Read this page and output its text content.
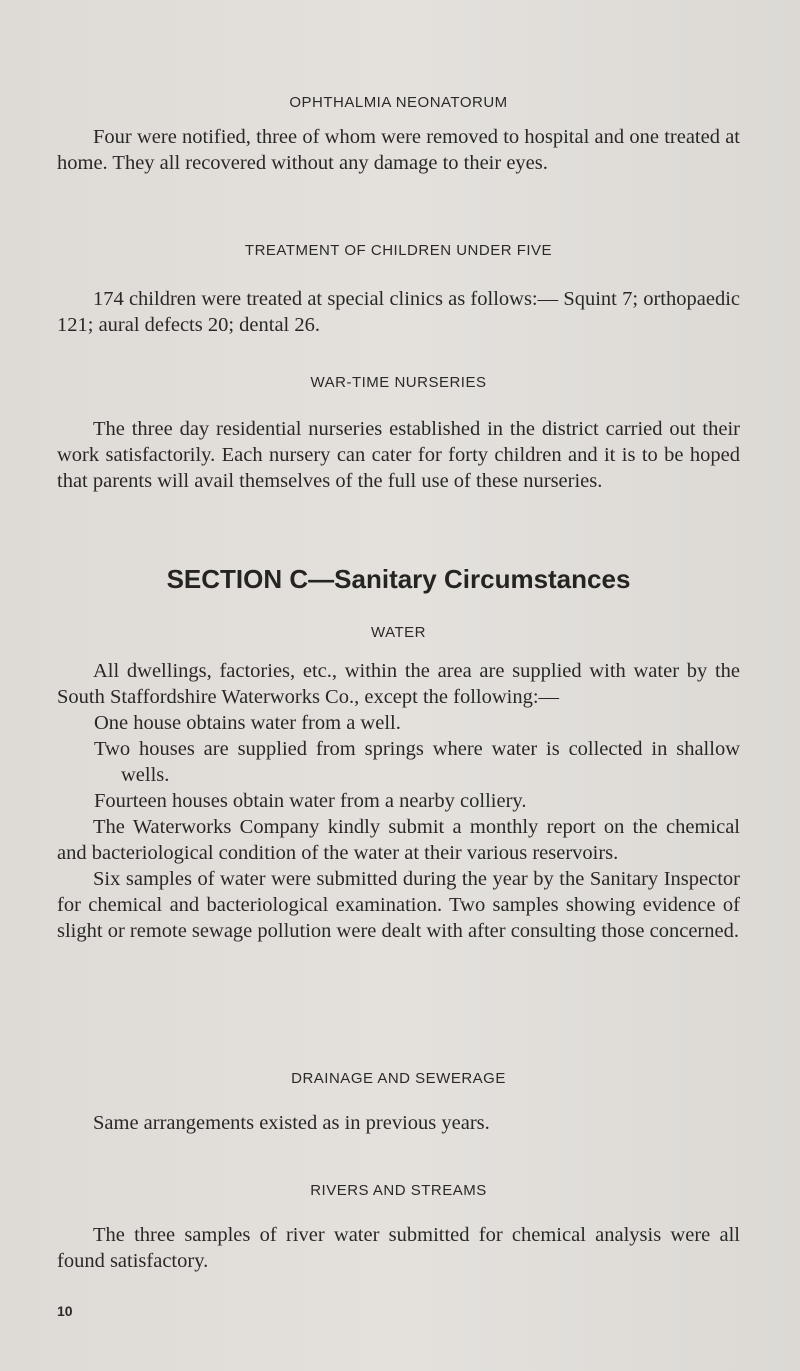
OPHTHALMIA NEONATORUM

Four were notified, three of whom were removed to hospital and one treated at home. They all recovered without any damage to their eyes.

TREATMENT OF CHILDREN UNDER FIVE

174 children were treated at special clinics as follows:— Squint 7; orthopaedic 121; aural defects 20; dental 26.

WAR-TIME NURSERIES

The three day residential nurseries established in the district carried out their work satisfactorily. Each nursery can cater for forty children and it is to be hoped that parents will avail themselves of the full use of these nurseries.

SECTION C—Sanitary Circumstances
WATER

All dwellings, factories, etc., within the area are supplied with water by the South Staffordshire Waterworks Co., except the following:—

One house obtains water from a well.

Two houses are supplied from springs where water is collected in shallow wells.

Fourteen houses obtain water from a nearby colliery.

The Waterworks Company kindly submit a monthly report on the chemical and bacteriological condition of the water at their various reservoirs.

Six samples of water were submitted during the year by the Sanitary Inspector for chemical and bacteriological examination. Two samples showing evidence of slight or remote sewage pollution were dealt with after consulting those concerned.

DRAINAGE AND SEWERAGE

Same arrangements existed as in previous years.

RIVERS AND STREAMS

The three samples of river water submitted for chemical analysis were all found satisfactory.

10
